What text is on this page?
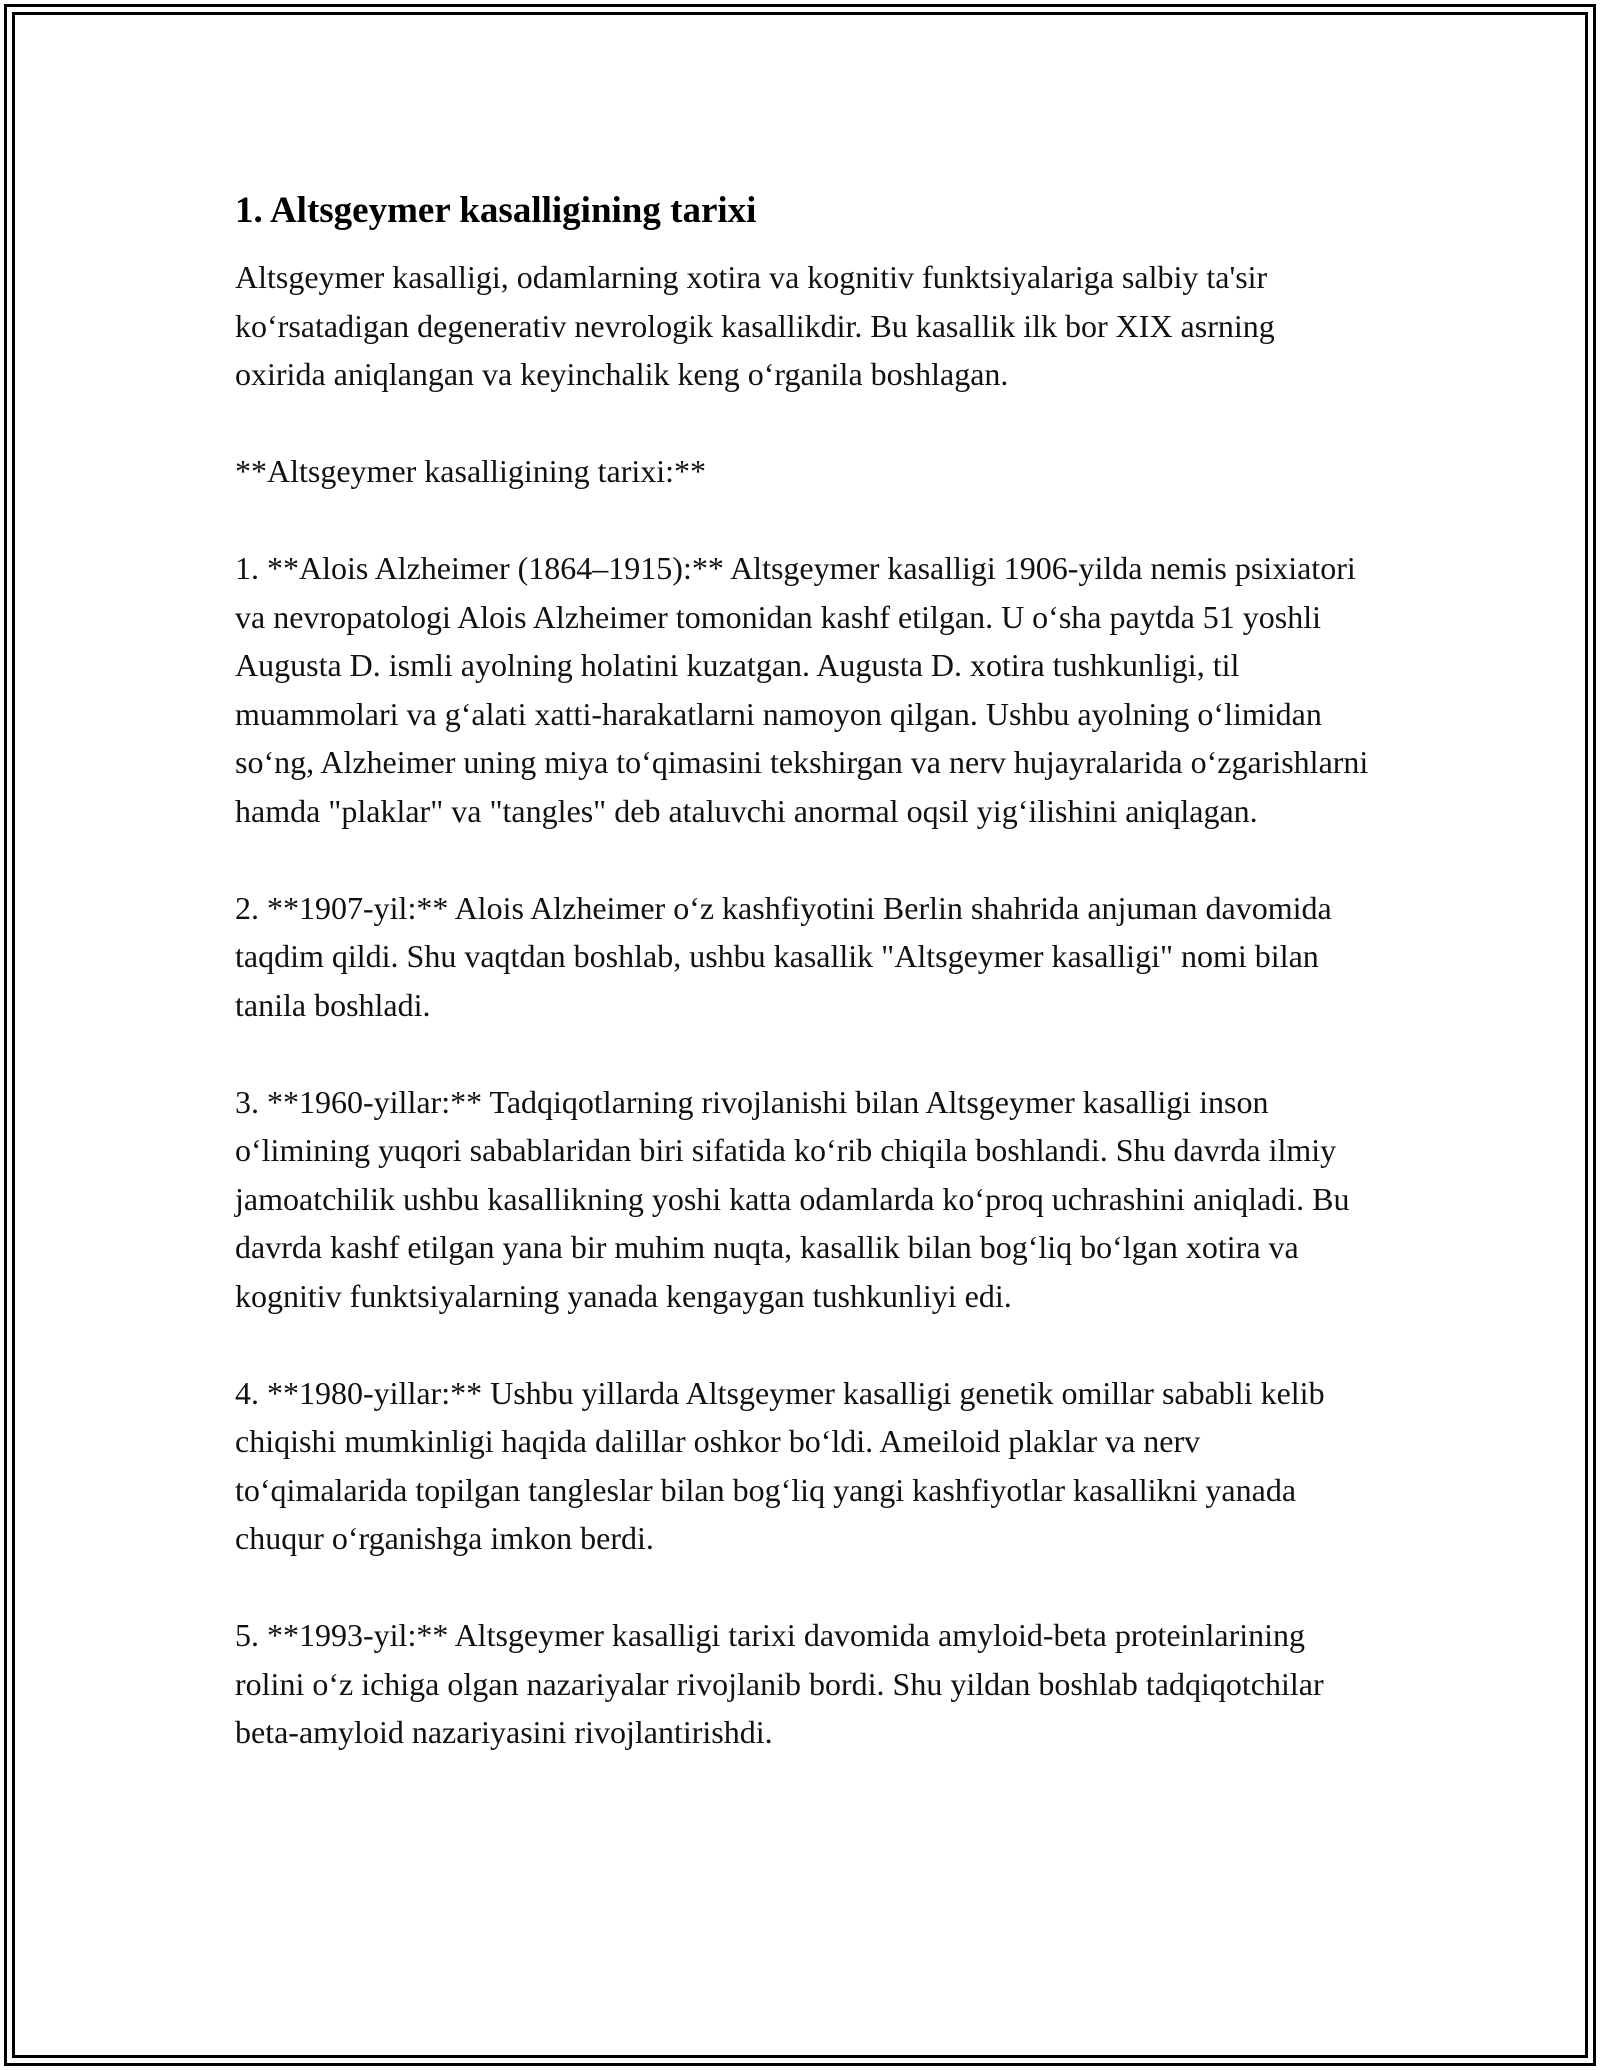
1. Altsgeymer kasalligining tarixi

Altsgeymer kasalligi, odamlarning xotira va kognitiv funktsiyalariga salbiy ta'sir ko‘rsatadigan degenerativ nevrologik kasallikdir. Bu kasallik ilk bor XIX asrning oxirida aniqlangan va keyinchalik keng o‘rganila boshlagan.

**Altsgeymer kasalligining tarixi:**

1. **Alois Alzheimer (1864–1915):** Altsgeymer kasalligi 1906-yilda nemis psixiatori va nevropatologi Alois Alzheimer tomonidan kashf etilgan. U o‘sha paytda 51 yoshli Augusta D. ismli ayolning holatini kuzatgan. Augusta D. xotira tushkunligi, til muammolari va g‘alati xatti-harakatlarni namoyon qilgan. Ushbu ayolning o‘limidan so‘ng, Alzheimer uning miya to‘qimasini tekshirgan va nerv hujayralarida o‘zgarishlarni hamda "plaklar" va "tangles" deb ataluvchi anormal oqsil yig‘ilishini aniqlagan.

2. **1907-yil:** Alois Alzheimer o‘z kashfiyotini Berlin shahrida anjuman davomida taqdim qildi. Shu vaqtdan boshlab, ushbu kasallik "Altsgeymer kasalligi" nomi bilan tanila boshladi.

3. **1960-yillar:** Tadqiqotlarning rivojlanishi bilan Altsgeymer kasalligi inson o‘limining yuqori sabablaridan biri sifatida ko‘rib chiqila boshlandi. Shu davrda ilmiy jamoatchilik ushbu kasallikning yoshi katta odamlarda ko‘proq uchrashini aniqladi. Bu davrda kashf etilgan yana bir muhim nuqta, kasallik bilan bog‘liq bo‘lgan xotira va kognitiv funktsiyalarning yanada kengaygan tushkunliyi edi.

4. **1980-yillar:** Ushbu yillarda Altsgeymer kasalligi genetik omillar sababli kelib chiqishi mumkinligi haqida dalillar oshkor bo‘ldi. Ameiloid plaklar va nerv to‘qimalarida topilgan tangleslar bilan bog‘liq yangi kashfiyotlar kasallikni yanada chuqur o‘rganishga imkon berdi.

5. **1993-yil:** Altsgeymer kasalligi tarixi davomida amyloid-beta proteinlarining rolini o‘z ichiga olgan nazariyalar rivojlanib bordi. Shu yildan boshlab tadqiqotchilar beta-amyloid nazariyasini rivojlantirishdi.
